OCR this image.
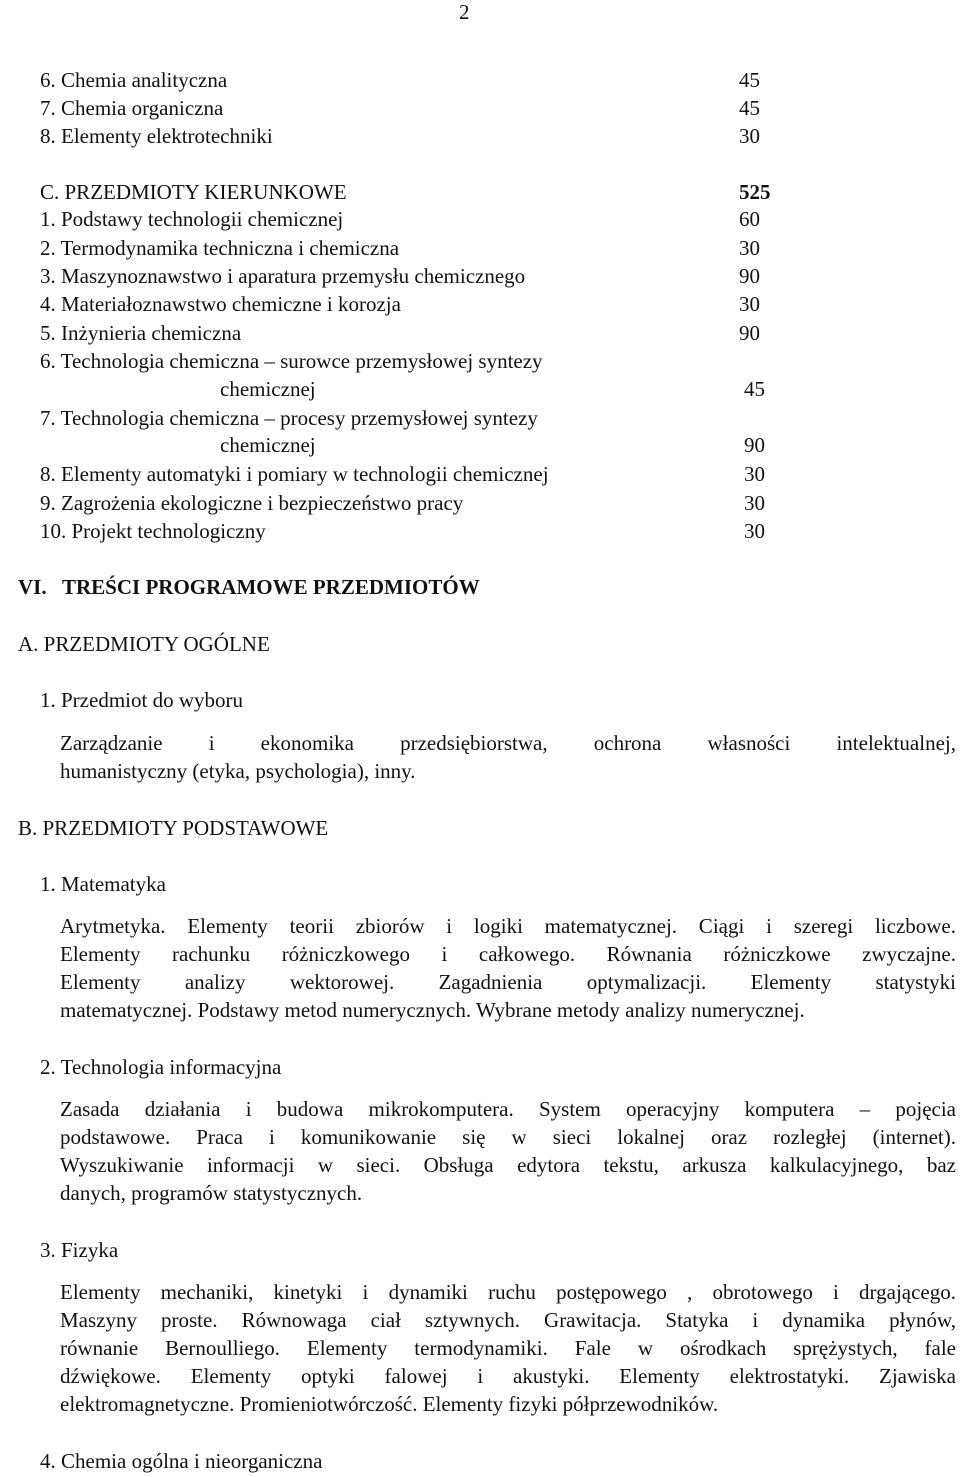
2
6. Chemia analityczna	45
7. Chemia organiczna	45
8. Elementy elektrotechniki	30
C. PRZEDMIOTY KIERUNKOWE	525
1. Podstawy technologii chemicznej	60
2. Termodynamika techniczna i chemiczna	30
3. Maszynoznawstwo i aparatura przemysłu chemicznego	90
4. Materiałoznawstwo chemiczne i korozja	30
5. Inżynieria chemiczna	90
6. Technologia chemiczna – surowce przemysłowej syntezy
chemicznej	45
7. Technologia chemiczna – procesy przemysłowej syntezy
chemicznej	90
8. Elementy automatyki i pomiary w technologii chemicznej	30
9. Zagrożenia ekologiczne i bezpieczeństwo pracy	30
10. Projekt technologiczny	30
VI. TREŚCI PROGRAMOWE PRZEDMIOTÓW
A. PRZEDMIOTY OGÓLNE
1. Przedmiot do wyboru
Zarządzanie i ekonomika przedsiębiorstwa, ochrona własności intelektualnej,
humanistyczny (etyka, psychologia), inny.
B. PRZEDMIOTY PODSTAWOWE
1. Matematyka
Arytmetyka. Elementy teorii zbiorów i logiki matematycznej. Ciągi i szeregi liczbowe.
Elementy rachunku różniczkowego i całkowego. Równania różniczkowe zwyczajne.
Elementy analizy wektorowej. Zagadnienia optymalizacji. Elementy statystyki
matematycznej. Podstawy metod numerycznych. Wybrane metody analizy numerycznej.
2. Technologia informacyjna
Zasada działania i budowa mikrokomputera. System operacyjny komputera – pojęcia
podstawowe. Praca i komunikowanie się w sieci lokalnej oraz rozległej (internet).
Wyszukiwanie informacji w sieci. Obsługa edytora tekstu, arkusza kalkulacyjnego, baz
danych, programów statystycznych.
3. Fizyka
Elementy mechaniki, kinetyki i dynamiki ruchu postępowego , obrotowego i drgającego.
Maszyny proste. Równowaga ciał sztywnych. Grawitacja. Statyka i dynamika płynów,
równanie Bernoulliego. Elementy termodynamiki. Fale w ośrodkach sprężystych, fale
dźwiękowe. Elementy optyki falowej i akustyki. Elementy elektrostatyki. Zjawiska
elektromagnetyczne. Promieniotwórczość. Elementy fizyki półprzewodników.
4. Chemia ogólna i nieorganiczna
